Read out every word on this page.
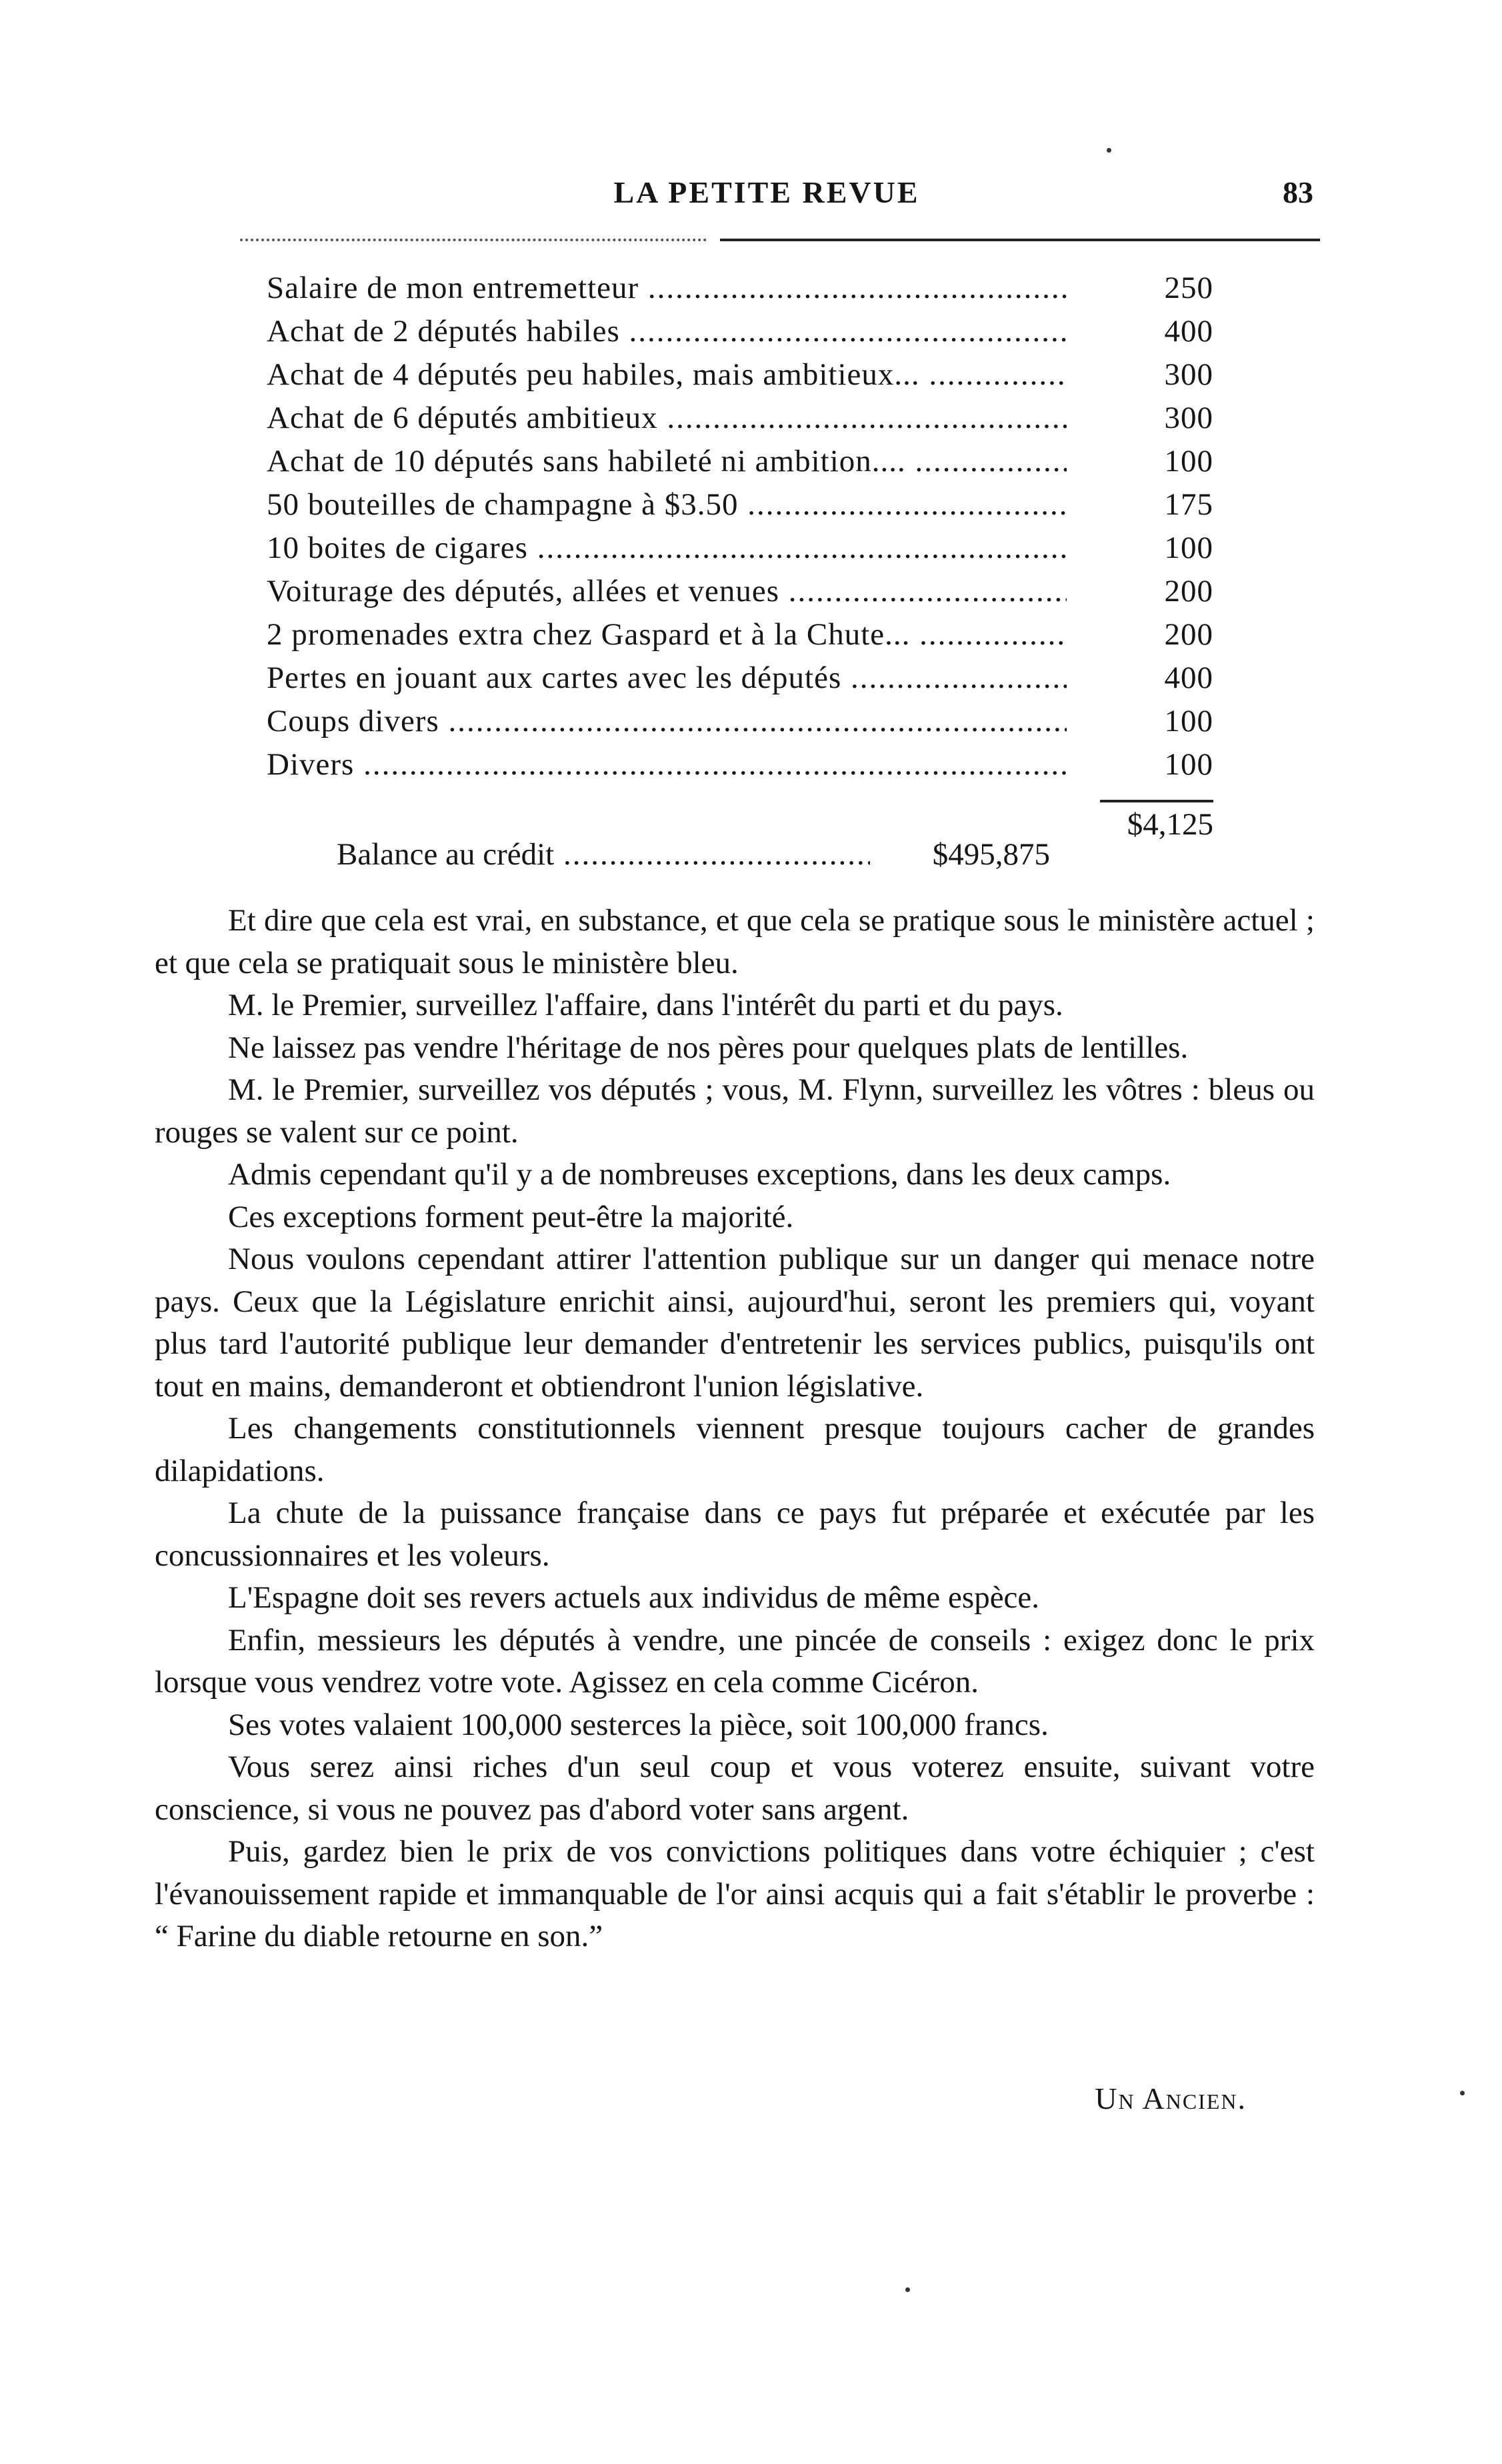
LA PETITE REVUE	83
Salaire de mon entremetteur .....	250
Achat de 2 députés habiles .....	400
Achat de 4 députés peu habiles, mais ambitieux... .....	300
Achat de 6 députés ambitieux .....	300
Achat de 10 députés sans habileté ni ambition.... .....	100
50 bouteilles de champagne à $3.50 .....	175
10 boites de cigares .....	100
Voiturage des députés, allées et venues .....	200
2 promenades extra chez Gaspard et à la Chute... .....	200
Pertes en jouant aux cartes avec les députés .....	400
Coups divers .....	100
Divers .....	100
$4,125
Balance au crédit .....	$495,875

Et dire que cela est vrai, en substance, et que cela se pratique sous le ministère actuel ; et que cela se pratiquait sous le ministère bleu.

M. le Premier, surveillez l'affaire, dans l'intérêt du parti et du pays.

Ne laissez pas vendre l'héritage de nos pères pour quelques plats de lentilles.

M. le Premier, surveillez vos députés ; vous, M. Flynn, surveillez les vôtres : bleus ou rouges se valent sur ce point.

Admis cependant qu'il y a de nombreuses exceptions, dans les deux camps.

Ces exceptions forment peut-être la majorité.

Nous voulons cependant attirer l'attention publique sur un danger qui menace notre pays. Ceux que la Législature enrichit ainsi, aujourd'hui, seront les premiers qui, voyant plus tard l'autorité publique leur demander d'entretenir les services publics, puisqu'ils ont tout en mains, demanderont et obtiendront l'union législative.

Les changements constitutionnels viennent presque toujours cacher de grandes dilapidations.

La chute de la puissance française dans ce pays fut préparée et exécutée par les concussionnaires et les voleurs.

L'Espagne doit ses revers actuels aux individus de même espèce.

Enfin, messieurs les députés à vendre, une pincée de conseils : exigez donc le prix lorsque vous vendrez votre vote. Agissez en cela comme Cicéron.

Ses votes valaient 100,000 sesterces la pièce, soit 100,000 francs.

Vous serez ainsi riches d'un seul coup et vous voterez ensuite, suivant votre conscience, si vous ne pouvez pas d'abord voter sans argent.

Puis, gardez bien le prix de vos convictions politiques dans votre échiquier ; c'est l'évanouissement rapide et immanquable de l'or ainsi acquis qui a fait s'établir le proverbe : “ Farine du diable retourne en son.”

Un Ancien.
